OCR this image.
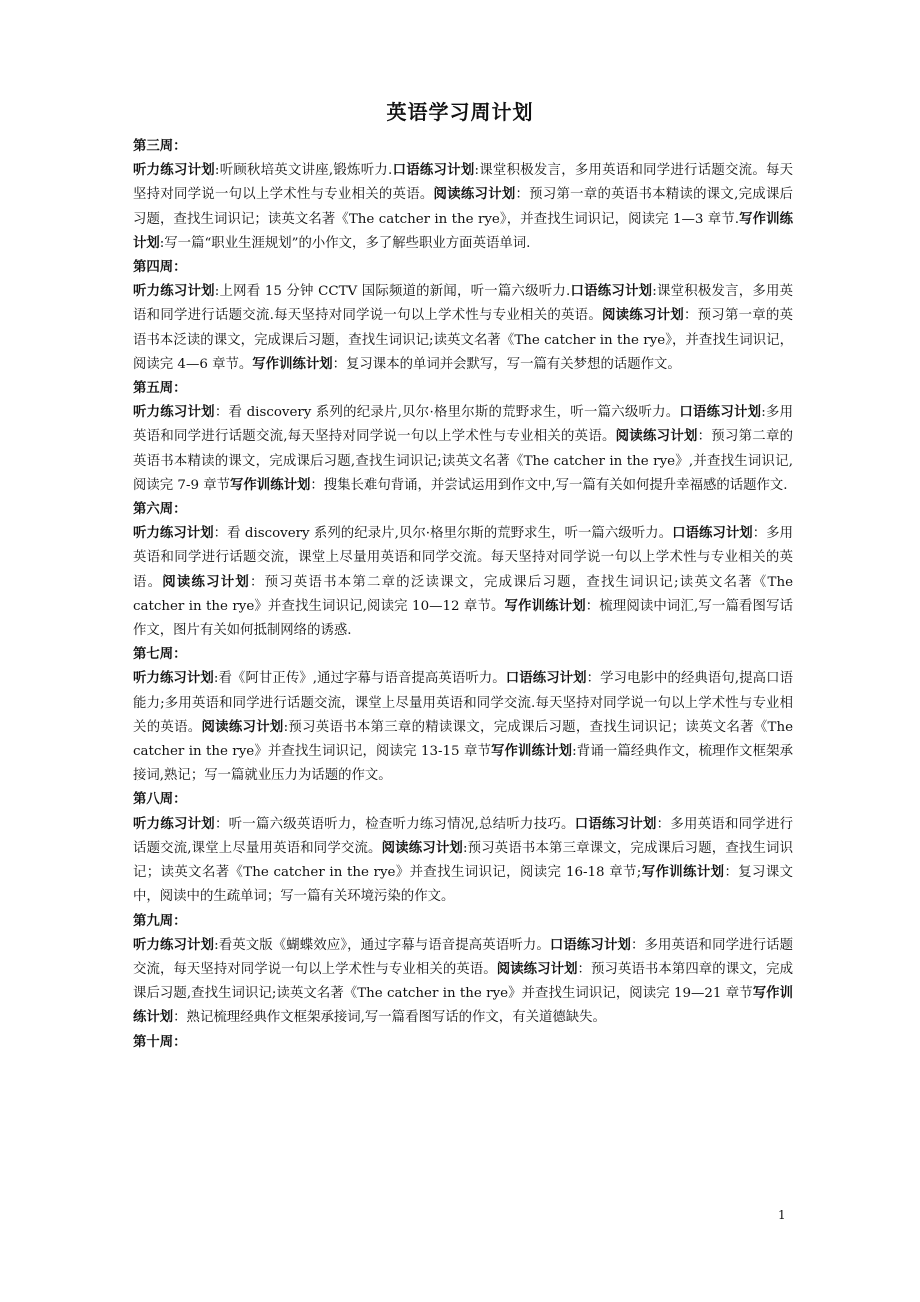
英语学习周计划
第三周：

听力练习计划:听顾秋培英文讲座,锻炼听力.口语练习计划:课堂积极发言，多用英语和同学进行话题交流。每天坚持对同学说一句以上学术性与专业相关的英语。阅读练习计划：预习第一章的英语书本精读的课文,完成课后习题，查找生词识记；读英文名著《The catcher in the rye》，并查找生词识记，阅读完 1—3 章节.写作训练计划:写一篇“职业生涯规划”的小作文，多了解些职业方面英语单词.

第四周：

听力练习计划:上网看 15 分钟 CCTV 国际频道的新闻，听一篇六级听力.口语练习计划:课堂积极发言，多用英语和同学进行话题交流.每天坚持对同学说一句以上学术性与专业相关的英语。阅读练习计划：预习第一章的英语书本泛读的课文，完成课后习题，查找生词识记;读英文名著《The catcher in the rye》，并查找生词识记，阅读完 4—6 章节。写作训练计划：复习课本的单词并会默写，写一篇有关梦想的话题作文。

第五周：

听力练习计划：看 discovery 系列的纪录片,贝尔·格里尔斯的荒野求生，听一篇六级听力。口语练习计划:多用英语和同学进行话题交流,每天坚持对同学说一句以上学术性与专业相关的英语。阅读练习计划：预习第二章的英语书本精读的课文，完成课后习题,查找生词识记;读英文名著《The catcher in the rye》,并查找生词识记,阅读完 7-9 章节写作训练计划：搜集长难句背诵，并尝试运用到作文中,写一篇有关如何提升幸福感的话题作文.

第六周：

听力练习计划：看 discovery 系列的纪录片,贝尔·格里尔斯的荒野求生，听一篇六级听力。口语练习计划：多用英语和同学进行话题交流，课堂上尽量用英语和同学交流。每天坚持对同学说一句以上学术性与专业相关的英语。阅读练习计划：预习英语书本第二章的泛读课文，完成课后习题，查找生词识记;读英文名著《The catcher in the rye》并查找生词识记,阅读完 10—12 章节。写作训练计划：梳理阅读中词汇,写一篇看图写话作文，图片有关如何抵制网络的诱惑.

第七周：

听力练习计划:看《阿甘正传》,通过字幕与语音提高英语听力。口语练习计划：学习电影中的经典语句,提高口语能力;多用英语和同学进行话题交流，课堂上尽量用英语和同学交流.每天坚持对同学说一句以上学术性与专业相关的英语。阅读练习计划:预习英语书本第三章的精读课文，完成课后习题，查找生词识记；读英文名著《The catcher in the rye》并查找生词识记，阅读完 13-15 章节写作训练计划:背诵一篇经典作文，梳理作文框架承接词,熟记；写一篇就业压力为话题的作文。

第八周：

听力练习计划：听一篇六级英语听力，检查听力练习情况,总结听力技巧。口语练习计划：多用英语和同学进行话题交流,课堂上尽量用英语和同学交流。阅读练习计划:预习英语书本第三章课文，完成课后习题，查找生词识记；读英文名著《The catcher in the rye》并查找生词识记，阅读完 16-18 章节;写作训练计划：复习课文中，阅读中的生疏单词；写一篇有关环境污染的作文。

第九周：

听力练习计划:看英文版《蝴蝶效应》，通过字幕与语音提高英语听力。口语练习计划：多用英语和同学进行话题交流，每天坚持对同学说一句以上学术性与专业相关的英语。阅读练习计划：预习英语书本第四章的课文，完成课后习题,查找生词识记;读英文名著《The catcher in the rye》并查找生词识记，阅读完 19—21 章节写作训练计划：熟记梳理经典作文框架承接词,写一篇看图写话的作文，有关道德缺失。

第十周：
1
